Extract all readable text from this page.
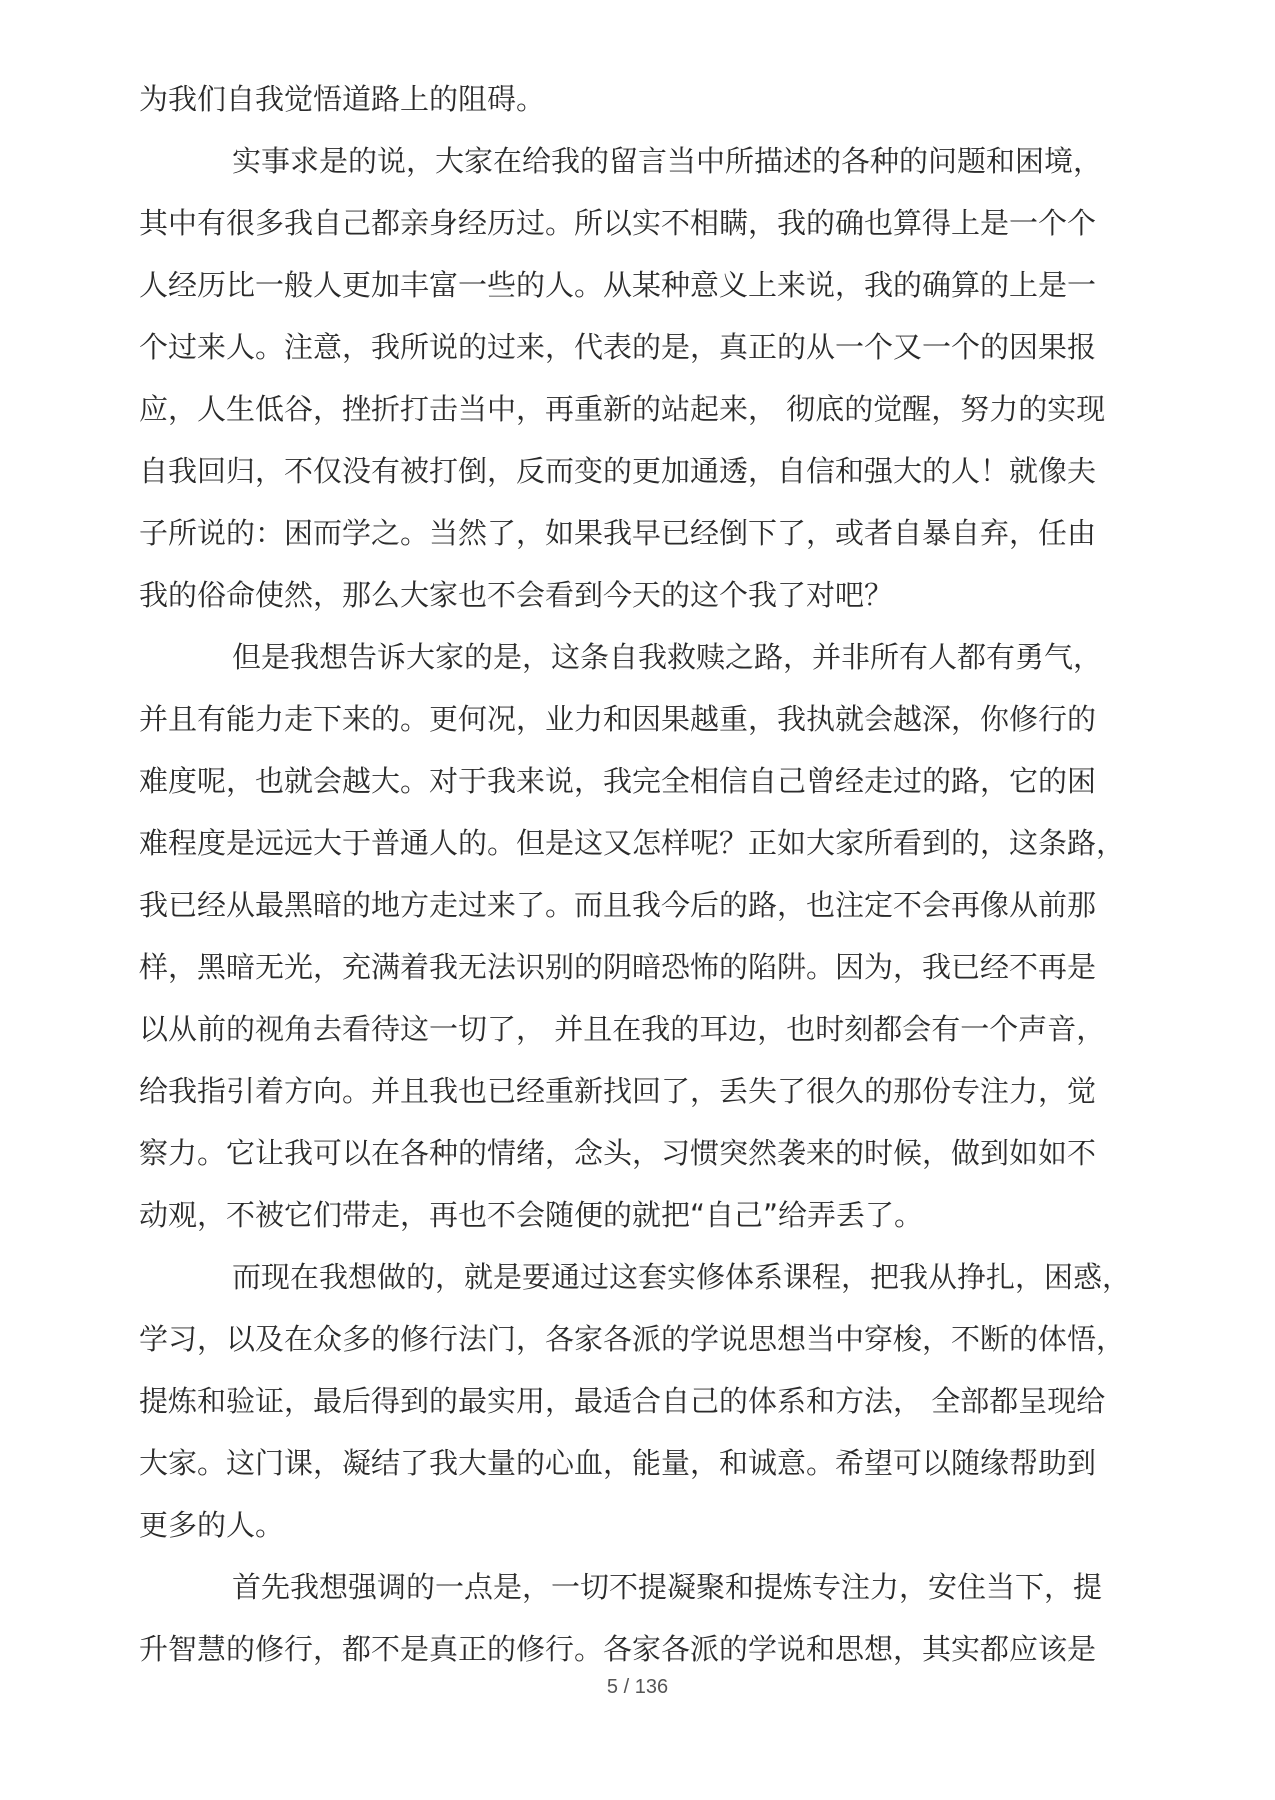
为我们自我觉悟道路上的阻碍。
实事求是的说，大家在给我的留言当中所描述的各种的问题和困境，
其中有很多我自己都亲身经历过。所以实不相瞒，我的确也算得上是一个个
人经历比一般人更加丰富一些的人。从某种意义上来说，我的确算的上是一
个过来人。注意，我所说的过来，代表的是，真正的从一个又一个的因果报
应，人生低谷，挫折打击当中，再重新的站起来， 彻底的觉醒，努力的实现
自我回归，不仅没有被打倒，反而变的更加通透，自信和强大的人！就像夫
子所说的：困而学之。当然了，如果我早已经倒下了，或者自暴自弃，任由
我的俗命使然，那么大家也不会看到今天的这个我了对吧？
但是我想告诉大家的是，这条自我救赎之路，并非所有人都有勇气，
并且有能力走下来的。更何况，业力和因果越重，我执就会越深，你修行的
难度呢，也就会越大。对于我来说，我完全相信自己曾经走过的路，它的困
难程度是远远大于普通人的。但是这又怎样呢？正如大家所看到的，这条路，
我已经从最黑暗的地方走过来了。而且我今后的路，也注定不会再像从前那
样，黑暗无光，充满着我无法识别的阴暗恐怖的陷阱。因为，我已经不再是
以从前的视角去看待这一切了， 并且在我的耳边，也时刻都会有一个声音，
给我指引着方向。并且我也已经重新找回了，丢失了很久的那份专注力，觉
察力。它让我可以在各种的情绪，念头，习惯突然袭来的时候，做到如如不
动观，不被它们带走，再也不会随便的就把“自己”给弄丢了。
而现在我想做的，就是要通过这套实修体系课程，把我从挣扎，困惑，
学习，以及在众多的修行法门，各家各派的学说思想当中穿梭，不断的体悟，
提炼和验证，最后得到的最实用，最适合自己的体系和方法， 全部都呈现给
大家。这门课，凝结了我大量的心血，能量，和诚意。希望可以随缘帮助到
更多的人。
首先我想强调的一点是，一切不提凝聚和提炼专注力，安住当下，提
升智慧的修行，都不是真正的修行。各家各派的学说和思想，其实都应该是
5 / 136
